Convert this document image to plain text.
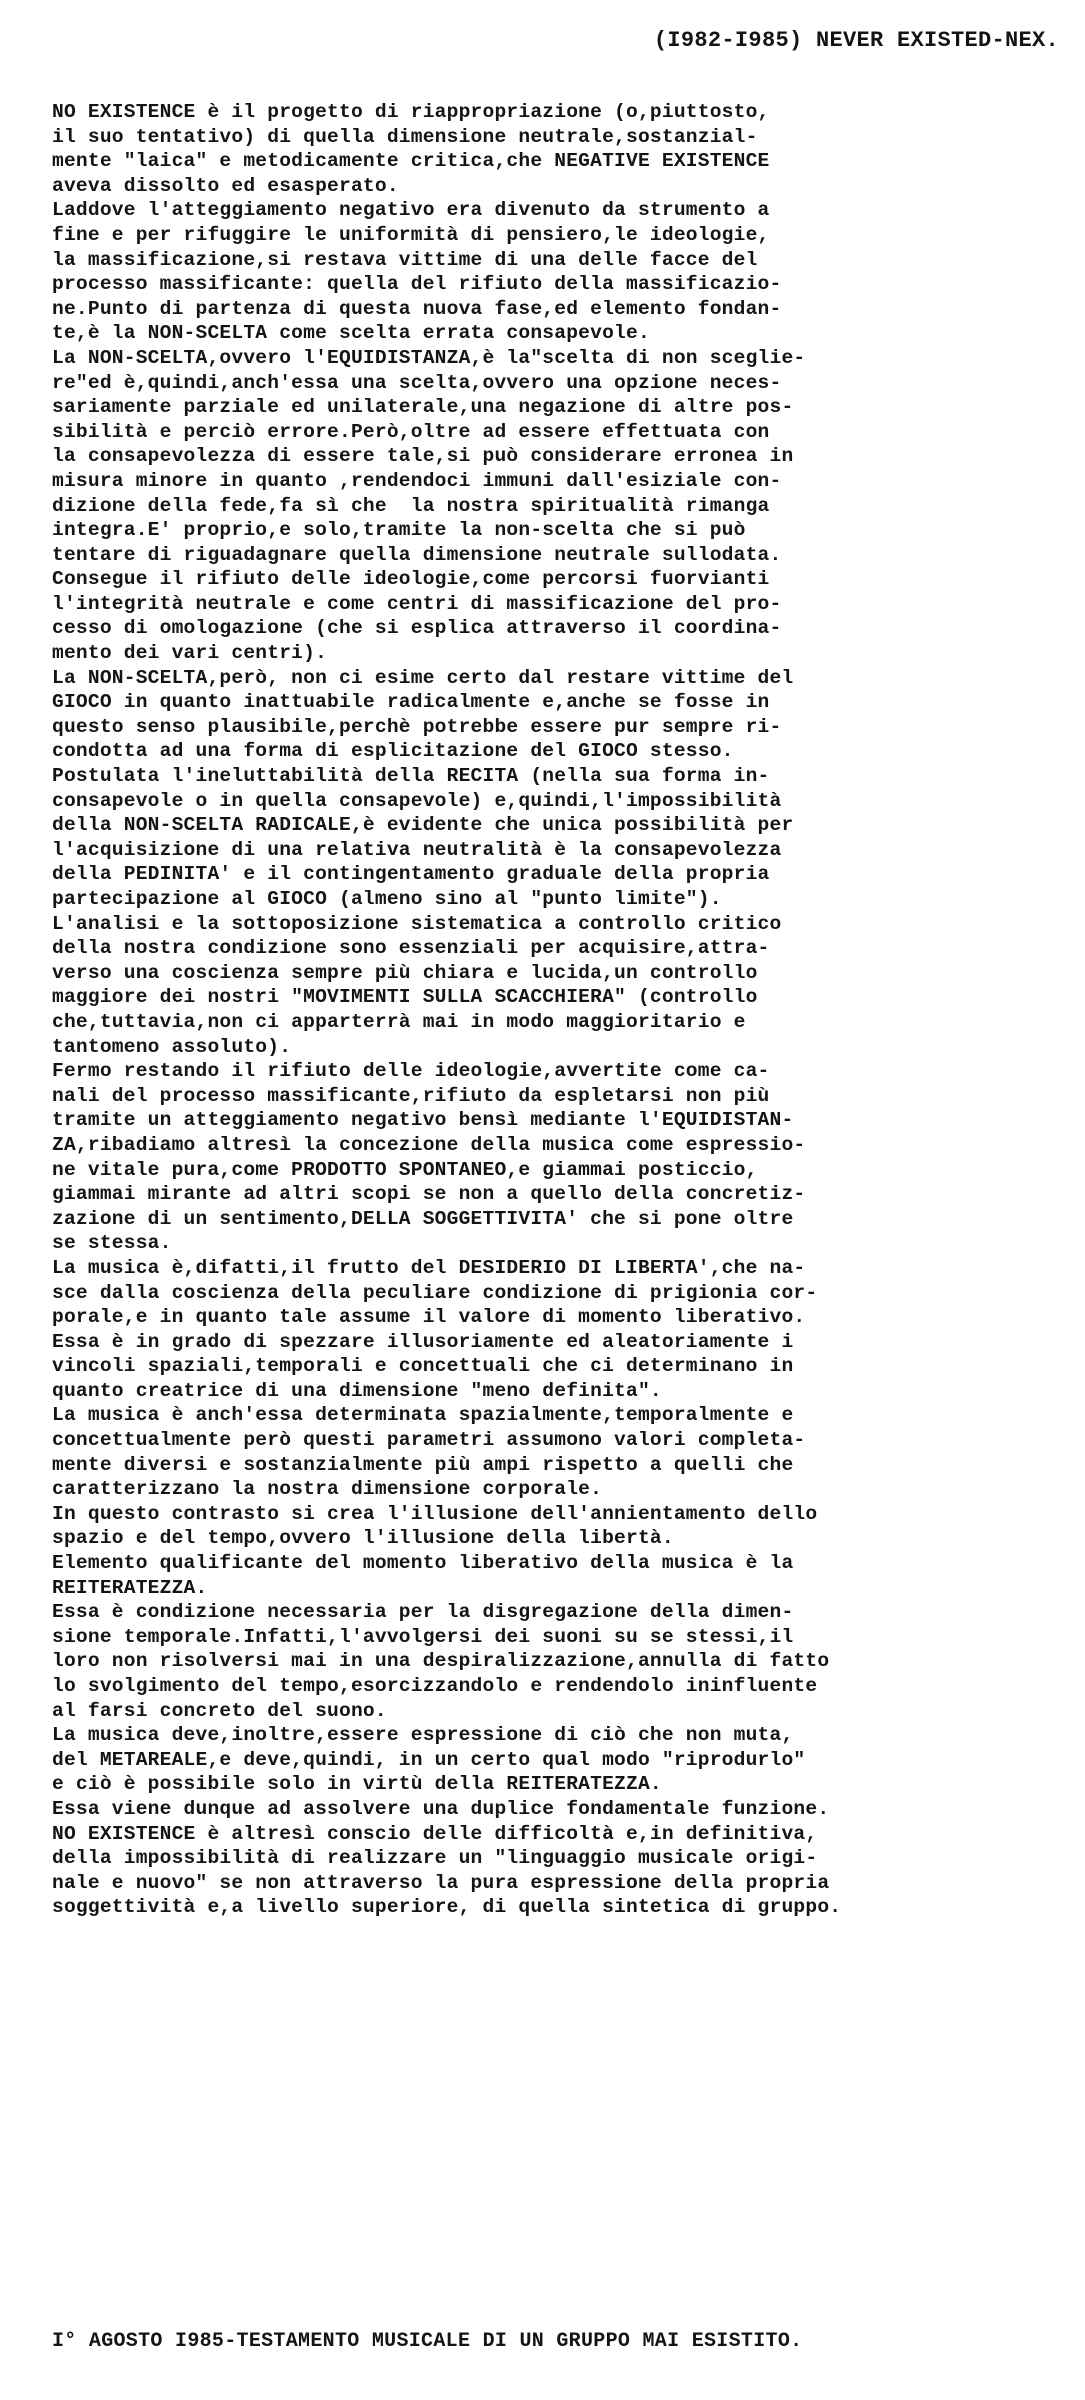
(I982-I985) NEVER EXISTED-NEX.
NO EXISTENCE è il progetto di riappropriazione (o,piuttosto,
il suo tentativo) di quella dimensione neutrale,sostanzial-
mente "laica" e metodicamente critica,che NEGATIVE EXISTENCE
aveva dissolto ed esasperato.
Laddove l'atteggiamento negativo era divenuto da strumento a
fine e per rifuggire le uniformità di pensiero,le ideologie,
la massificazione,si restava vittime di una delle facce del
processo massificante: quella del rifiuto della massificazio-
ne.Punto di partenza di questa nuova fase,ed elemento fondan-
te,è la NON-SCELTA come scelta errata consapevole.
La NON-SCELTA,ovvero l'EQUIDISTANZA,è la"scelta di non sceglie-
re"ed è,quindi,anch'essa una scelta,ovvero una opzione neces-
sariamente parziale ed unilaterale,una negazione di altre pos-
sibilità e perciò errore.Però,oltre ad essere effettuata con
la consapevolezza di essere tale,si può considerare erronea in
misura minore in quanto ,rendendoci immuni dall'esiziale con-
dizione della fede,fa sì che  la nostra spiritualità rimanga
integra.E' proprio,e solo,tramite la non-scelta che si può
tentare di riguadagnare quella dimensione neutrale sullodata.
Consegue il rifiuto delle ideologie,come percorsi fuorvianti
l'integrità neutrale e come centri di massificazione del pro-
cesso di omologazione (che si esplica attraverso il coordina-
mento dei vari centri).
La NON-SCELTA,però, non ci esime certo dal restare vittime del
GIOCO in quanto inattuabile radicalmente e,anche se fosse in
questo senso plausibile,perchè potrebbe essere pur sempre ri-
condotta ad una forma di esplicitazione del GIOCO stesso.
Postulata l'ineluttabilità della RECITA (nella sua forma in-
consapevole o in quella consapevole) e,quindi,l'impossibilità
della NON-SCELTA RADICALE,è evidente che unica possibilità per
l'acquisizione di una relativa neutralità è la consapevolezza
della PEDINITA' e il contingentamento graduale della propria
partecipazione al GIOCO (almeno sino al "punto limite").
L'analisi e la sottoposizione sistematica a controllo critico
della nostra condizione sono essenziali per acquisire,attra-
verso una coscienza sempre più chiara e lucida,un controllo
maggiore dei nostri "MOVIMENTI SULLA SCACCHIERA" (controllo
che,tuttavia,non ci apparterrà mai in modo maggioritario e
tantomeno assoluto).
Fermo restando il rifiuto delle ideologie,avvertite come ca-
nali del processo massificante,rifiuto da espletarsi non più
tramite un atteggiamento negativo bensì mediante l'EQUIDISTAN-
ZA,ribadiamo altresì la concezione della musica come espressio-
ne vitale pura,come PRODOTTO SPONTANEO,e giammai posticcio,
giammai mirante ad altri scopi se non a quello della concretiz-
zazione di un sentimento,DELLA SOGGETTIVITA' che si pone oltre
se stessa.
La musica è,difatti,il frutto del DESIDERIO DI LIBERTA',che na-
sce dalla coscienza della peculiare condizione di prigionia cor-
porale,e in quanto tale assume il valore di momento liberativo.
Essa è in grado di spezzare illusoriamente ed aleatoriamente i
vincoli spaziali,temporali e concettuali che ci determinano in
quanto creatrice di una dimensione "meno definita".
La musica è anch'essa determinata spazialmente,temporalmente e
concettualmente però questi parametri assumono valori completa-
mente diversi e sostanzialmente più ampi rispetto a quelli che
caratterizzano la nostra dimensione corporale.
In questo contrasto si crea l'illusione dell'annientamento dello
spazio e del tempo,ovvero l'illusione della libertà.
Elemento qualificante del momento liberativo della musica è la
REITERATEZZA.
Essa è condizione necessaria per la disgregazione della dimen-
sione temporale.Infatti,l'avvolgersi dei suoni su se stessi,il
loro non risolversi mai in una despiralizzazione,annulla di fatto
lo svolgimento del tempo,esorcizzandolo e rendendolo ininfluente
al farsi concreto del suono.
La musica deve,inoltre,essere espressione di ciò che non muta,
del METAREALE,e deve,quindi, in un certo qual modo "riprodurlo"
e ciò è possibile solo in virtù della REITERATEZZA.
Essa viene dunque ad assolvere una duplice fondamentale funzione.
NO EXISTENCE è altresì conscio delle difficoltà e,in definitiva,
della impossibilità di realizzare un "linguaggio musicale origi-
nale e nuovo" se non attraverso la pura espressione della propria
soggettività e,a livello superiore, di quella sintetica di gruppo.
I° AGOSTO I985-TESTAMENTO MUSICALE DI UN GRUPPO MAI ESISTITO.
